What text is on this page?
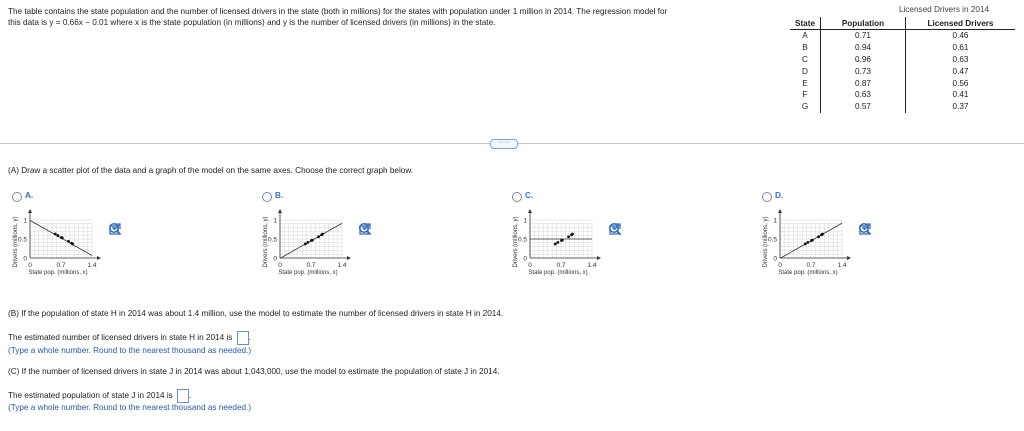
The table contains the state population and the number of licensed drivers in the state (both in millions) for the states with population under 1 million in 2014. The regression model for
this data is y = 0.66x − 0.01 where x is the state population (in millions) and y is the number of licensed drivers (in millions) in the state.
Licensed Drivers in 2014
State	Population	Licensed Drivers
A	0.71	0.46
B	0.94	0.61
C	0.96	0.63
D	0.73	0.47
E	0.87	0.56
F	0.63	0.41
G	0.57	0.37
·····
(A) Draw a scatter plot of the data and a graph of the model on the same axes. Choose the correct graph below.
A.
1
0.5
0
0	0.7	1.4
State pop. (millions, x)
Drivers (millions, y)
B.
1
0.5
0
0	0.7	1.4
State pop. (millions, x)
Drivers (millions, y)
C.
1
0.5
0
0	0.7	1.4
State pop. (millions, x)
Drivers (millions, y)
D.
1
0.5
0
0	0.7	1.4
State pop. (millions, x)
Drivers (millions, y)
(B) If the population of state H in 2014 was about 1.4 million, use the model to estimate the number of licensed drivers in state H in 2014.
The estimated number of licensed drivers in state H in 2014 is .
(Type a whole number. Round to the nearest thousand as needed.)
(C) If the number of licensed drivers in state J in 2014 was about 1,043,000, use the model to estimate the population of state J in 2014.
The estimated population of state J in 2014 is .
(Type a whole number. Round to the nearest thousand as needed.)
